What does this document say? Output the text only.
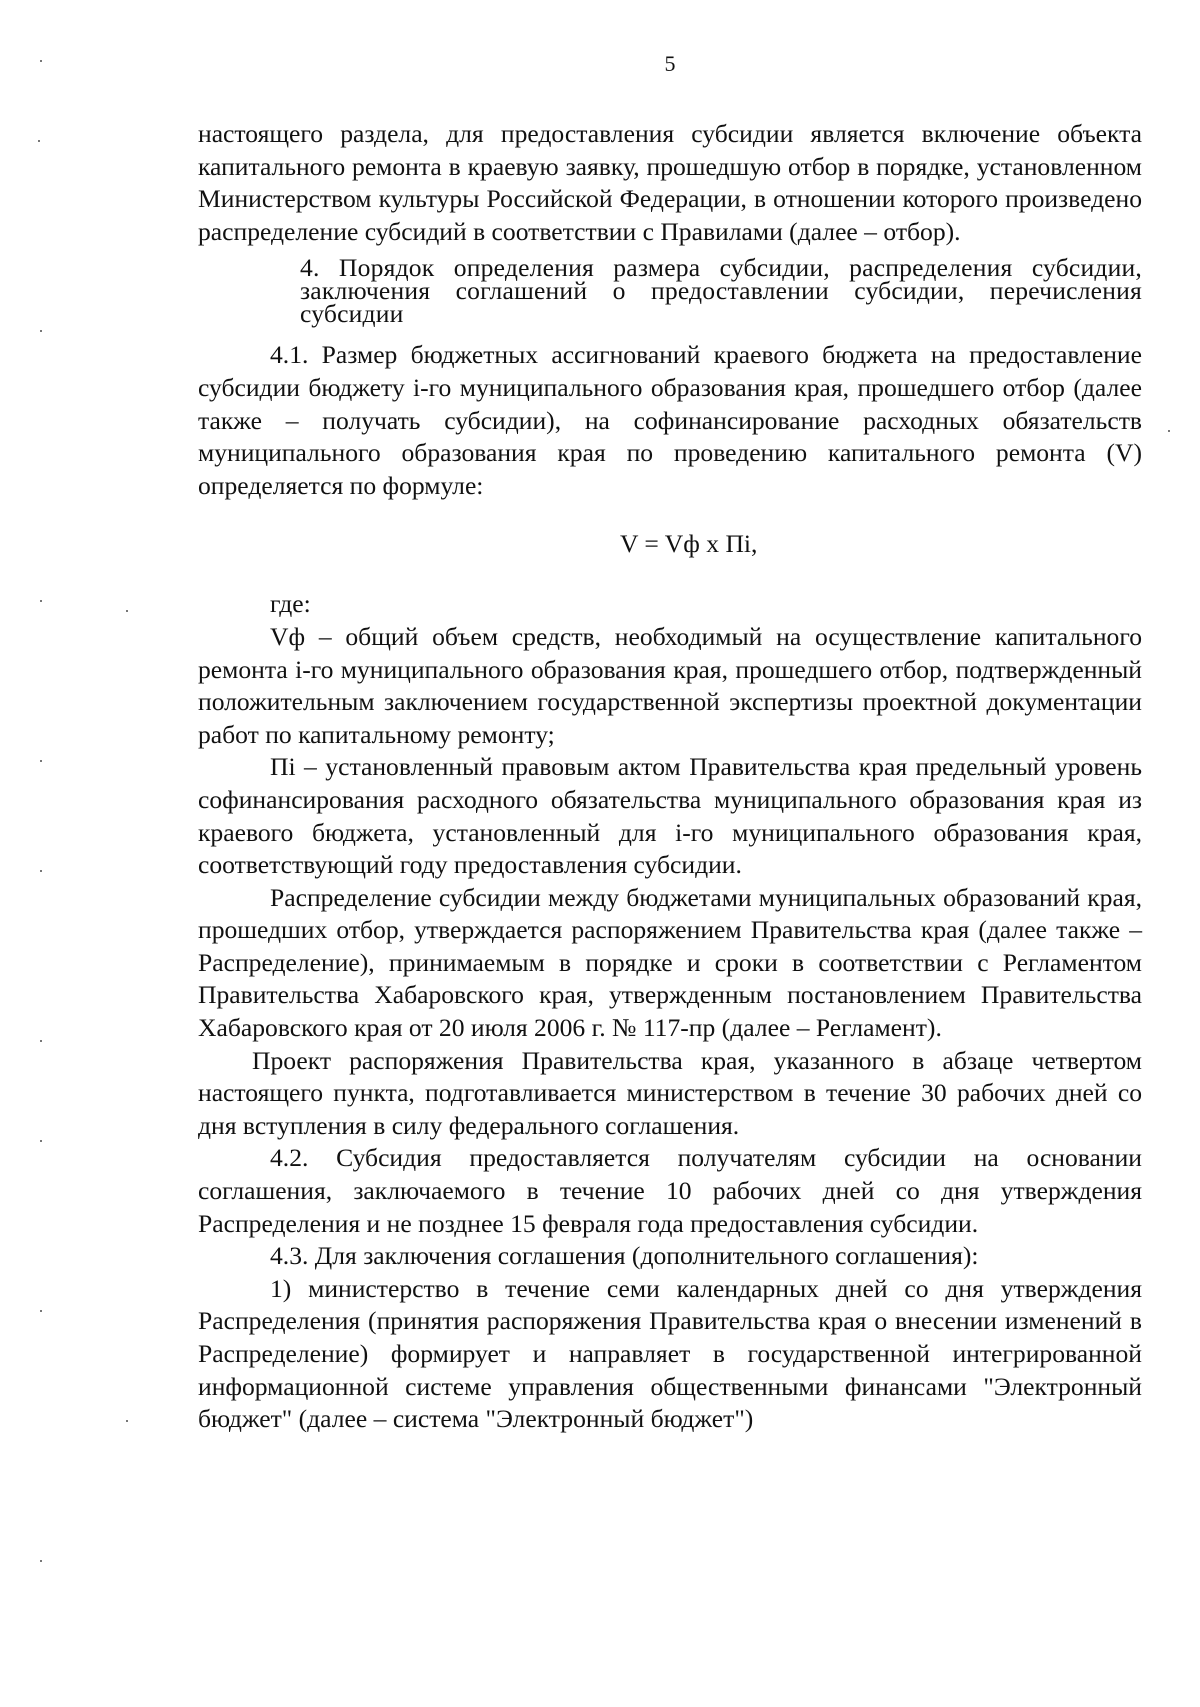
5

настоящего раздела, для предоставления субсидии является включение объекта капитального ремонта в краевую заявку, прошедшую отбор в порядке, установленном Министерством культуры Российской Федерации, в отношении которого произведено распределение субсидий в соответствии с Правилами (далее – отбор).

4. Порядок определения размера субсидии, распределения субсидии, заключения соглашений о предоставлении субсидии, перечисления субсидии

4.1. Размер бюджетных ассигнований краевого бюджета на предоставление субсидии бюджету i-го муниципального образования края, прошедшего отбор (далее также – получать субсидии), на софинансирование расходных обязательств муниципального образования края по проведению капитального ремонта (V) определяется по формуле:

V = Vф x Пi,

где:

Vф – общий объем средств, необходимый на осуществление капитального ремонта i-го муниципального образования края, прошедшего отбор, подтвержденный положительным заключением государственной экспертизы проектной документации работ по капитальному ремонту;

Пi – установленный правовым актом Правительства края предельный уровень софинансирования расходного обязательства муниципального образования края из краевого бюджета, установленный для i-го муниципального образования края, соответствующий году предоставления субсидии.

Распределение субсидии между бюджетами муниципальных образований края, прошедших отбор, утверждается распоряжением Правительства края (далее также – Распределение), принимаемым в порядке и сроки в соответствии с Регламентом Правительства Хабаровского края, утвержденным постановлением Правительства Хабаровского края от 20 июля 2006 г. № 117-пр (далее – Регламент).

Проект распоряжения Правительства края, указанного в абзаце четвертом настоящего пункта, подготавливается министерством в течение 30 рабочих дней со дня вступления в силу федерального соглашения.

4.2. Субсидия предоставляется получателям субсидии на основании соглашения, заключаемого в течение 10 рабочих дней со дня утверждения Распределения и не позднее 15 февраля года предоставления субсидии.

4.3. Для заключения соглашения (дополнительного соглашения):

1) министерство в течение семи календарных дней со дня утверждения Распределения (принятия распоряжения Правительства края о внесении изменений в Распределение) формирует и направляет в государственной интегрированной информационной системе управления общественными финансами "Электронный бюджет" (далее – система "Электронный бюджет")
